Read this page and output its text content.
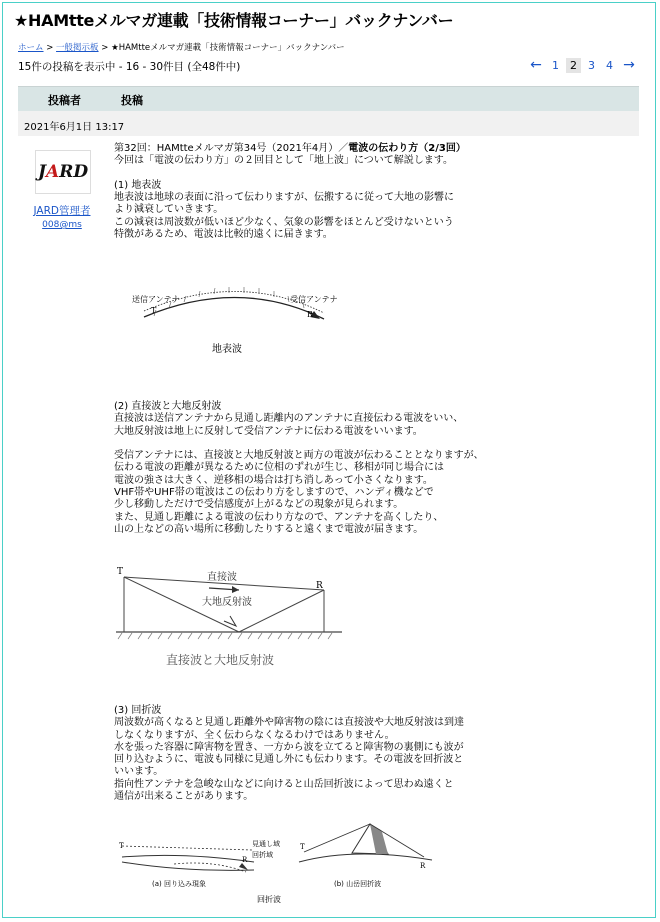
★HAMtteメルマガ連載「技術情報コーナー」バックナンバー
ホーム > 一般掲示板 > ★HAMtteメルマガ連載「技術情報コーナー」バックナンバー
15件の投稿を表示中 - 16 - 30件目 (全48件中)	← 1	2	3	4 →
投稿者	投稿
2021年6月1日 13:17
JARD
JARD管理者
008@ms

第32回：HAMtteメルマガ第34号（2021年4月）／電波の伝わり方（2/3回）

今回は「電波の伝わり方」の２回目として「地上波」について解説します。

(1) 地表波

地表波は地球の表面に沿って伝わりますが、伝搬するに従って大地の影響に

より減衰していきます。

この減衰は周波数が低いほど少なく、気象の影響をほとんど受けないという

特徴があるため、電波は比較的遠くに届きます。

(2) 直接波と大地反射波

直接波は送信アンテナから見通し距離内のアンテナに直接伝わる電波をいい、

大地反射波は地上に反射して受信アンテナに伝わる電波をいいます。

受信アンテナには、直接波と大地反射波と両方の電波が伝わることとなりますが、

伝わる電波の距離が異なるために位相のずれが生じ、移相が同じ場合には

電波の強さは大きく、逆移相の場合は打ち消しあって小さくなります。

VHF帯やUHF帯の電波はこの伝わり方をしますので、ハンディ機などで

少し移動しただけで受信感度が上がるなどの現象が見られます。

また、見通し距離による電波の伝わり方なので、アンテナを高くしたり、

山の上などの高い場所に移動したりすると遠くまで電波が届きます。

(3) 回折波

周波数が高くなると見通し距離外や障害物の陰には直接波や大地反射波は到達

しなくなりますが、全く伝わらなくなるわけではありません。

水を張った容器に障害物を置き、一方から波を立てると障害物の裏側にも波が

回り込むように、電波も同様に見通し外にも伝わります。その電波を回折波と

いいます。

指向性アンテナを急峻な山などに向けると山岳回折波によって思わぬ遠くと

通信が出来ることがあります。

送信アンテナ
T
受信アンテナ
R
地表波
T
R
直接波
大地反射波
直接波と大地反射波
T
R
見通し域
回折域
(a) 回り込み現象
T
R
(b) 山岳回折波
回折波
